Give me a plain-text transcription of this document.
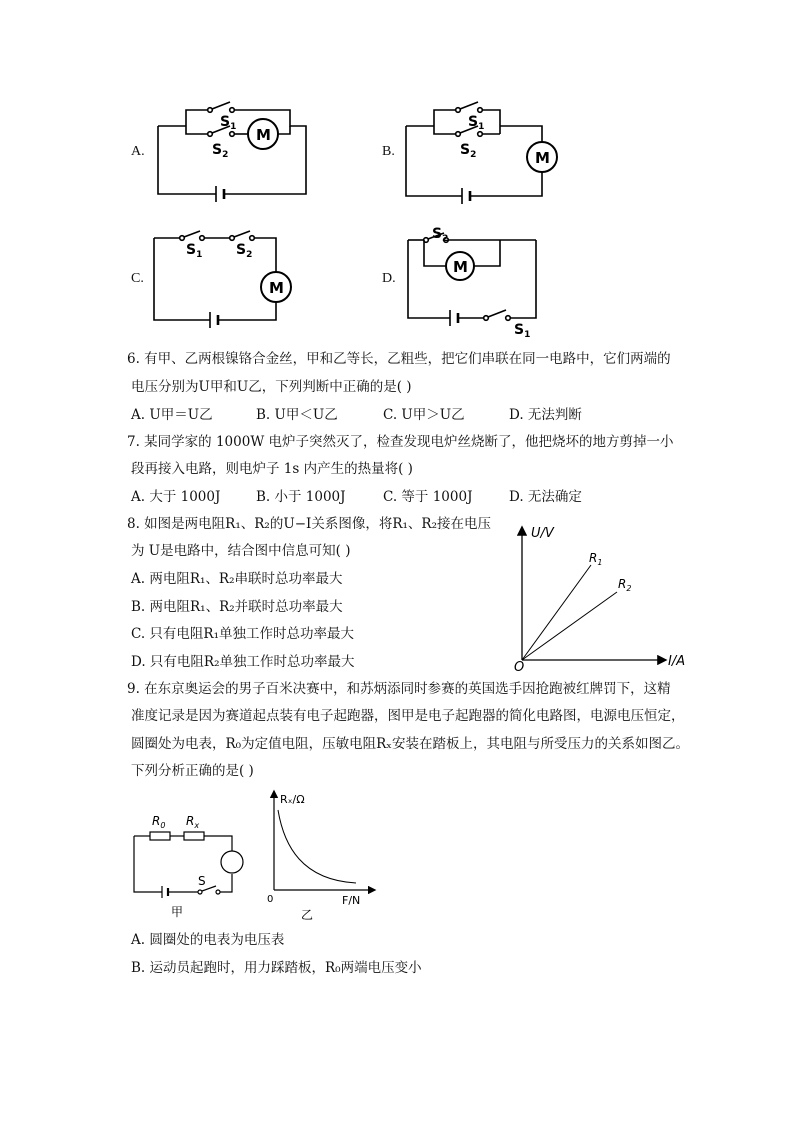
A.	B.
C.	D.
$S_1$
$S_2$
M
$S_1$
$S_2$	M
$S_1$ $S_2$
M
$S_2$
$S_1$
M
6. 有甲、乙两根镍铬合金丝，甲和乙等长，乙粗些，把它们串联在同一电路中，它们两端的
电压分别为U甲和U乙，下列判断中正确的是( )
A. U甲＝U乙	B. U甲＜U乙	C. U甲＞U乙	D. 无法判断
7. 某同学家的 1000W 电炉子突然灭了，检查发现电炉丝烧断了，他把烧坏的地方剪掉一小
段再接入电路，则电炉子 1s 内产生的热量将( )
A. 大于 1000J	B. 小于 1000J	C. 等于 1000J	D. 无法确定
8. 如图是两电阻R₁、R₂的U−I关系图像，将R₁、R₂接在电压
为 U是电路中，结合图中信息可知( )
A. 两电阻R₁、R₂串联时总功率最大
B. 两电阻R₁、R₂并联时总功率最大
C. 只有电阻R₁单独工作时总功率最大
D. 只有电阻R₂单独工作时总功率最大
U/V
I/A
O
$R_1$
$R_2$
9. 在东京奥运会的男子百米决赛中，和苏炳添同时参赛的英国选手因抢跑被红牌罚下，这精
准度记录是因为赛道起点装有电子起跑器，图甲是电子起跑器的简化电路图，电源电压恒定，
圆圈处为电表，R₀为定值电阻，压敏电阻Rₓ安装在踏板上，其电阻与所受压力的关系如图乙。
下列分析正确的是( )
$R_0$ $R_x$
S
甲
Rₓ/Ω
F/N
0
乙
A. 圆圈处的电表为电压表
B. 运动员起跑时，用力踩踏板，R₀两端电压变小
